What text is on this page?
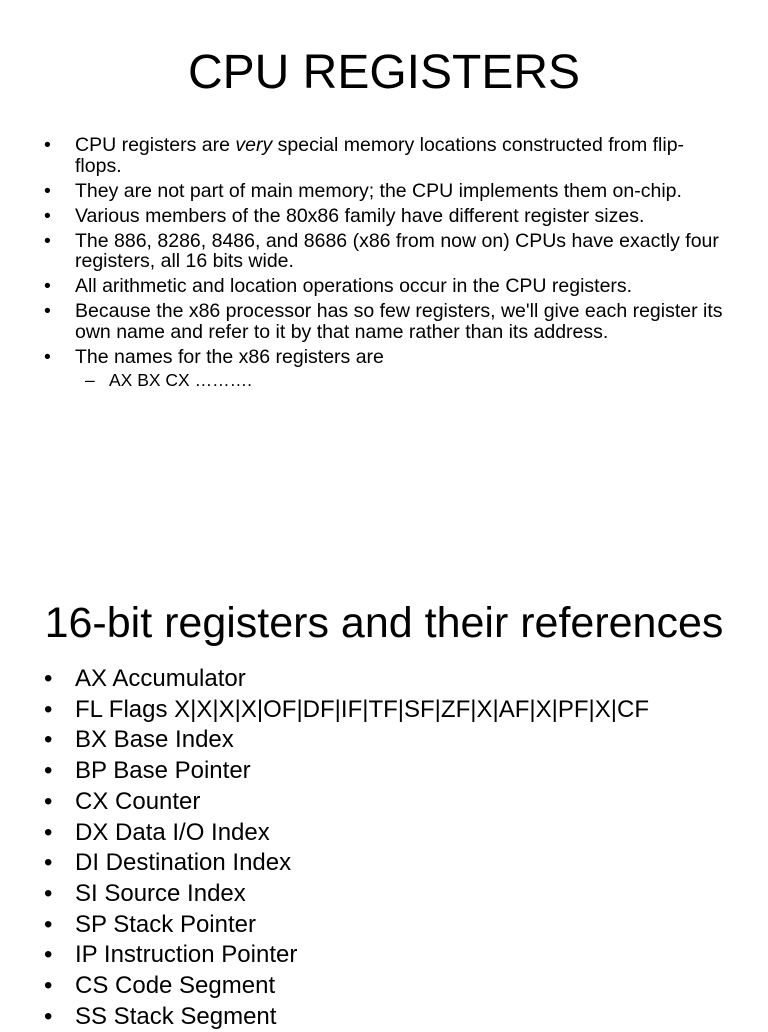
CPU REGISTERS
• CPU registers are very special memory locations constructed from flip-flops.
• They are not part of main memory; the CPU implements them on-chip.
• Various members of the 80x86 family have different register sizes.
• The 886, 8286, 8486, and 8686 (x86 from now on) CPUs have exactly four registers, all 16 bits wide.
• All arithmetic and location operations occur in the CPU registers.
• Because the x86 processor has so few registers, we'll give each register its own name and refer to it by that name rather than its address.
• The names for the x86 registers are
– AX BX CX ……….
16-bit registers and their references
• AX Accumulator
• FL Flags X|X|X|X|OF|DF|IF|TF|SF|ZF|X|AF|X|PF|X|CF
• BX Base Index
• BP Base Pointer
• CX Counter
• DX Data I/O Index
• DI Destination Index
• SI Source Index
• SP Stack Pointer
• IP Instruction Pointer
• CS Code Segment
• SS Stack Segment
